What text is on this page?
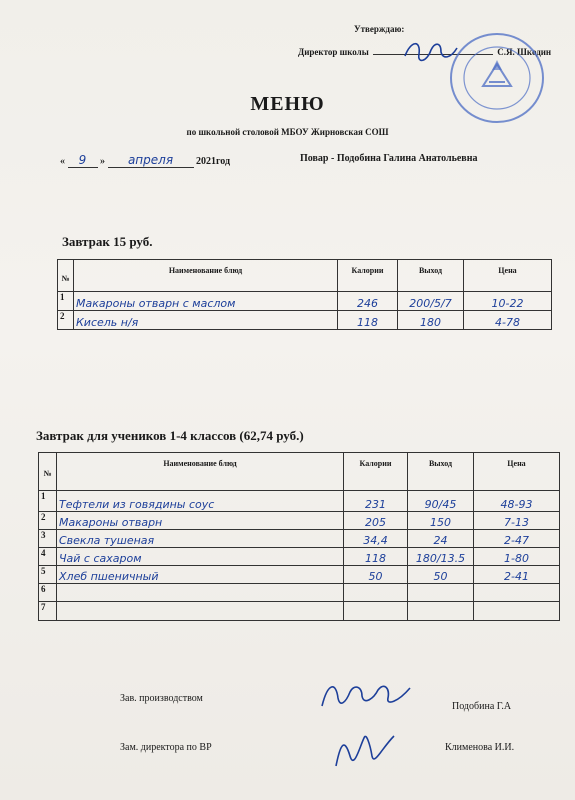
Утверждаю:
Директор школы	С.Я. Шкодин
МЕНЮ
по школьной столовой МБОУ Жирновская СОШ
« 9 » апреля 2021год	Повар - Подобина Галина Анатольевна
Завтрак 15 руб.
№	Наименование блюд	Калории	Выход	Цена
1	Макароны отварн с маслом	246	200/5/7	10-22
2	Кисель н/я	118	180	4-78
Завтрак для учеников 1-4 классов (62,74 руб.)
№	Наименование блюд	Калории	Выход	Цена
1	Тефтели из говядины соус	231	90/45	48-93
2	Макароны отварн	205	150	7-13
3	Свекла тушеная	34,4	24	2-47
4	Чай с сахаром	118	180/13.5	1-80
5	Хлеб пшеничный	50	50	2-41
6				
7				
Зав. производством
Подобина Г.А
Зам. директора по ВР	Клименова И.И.
